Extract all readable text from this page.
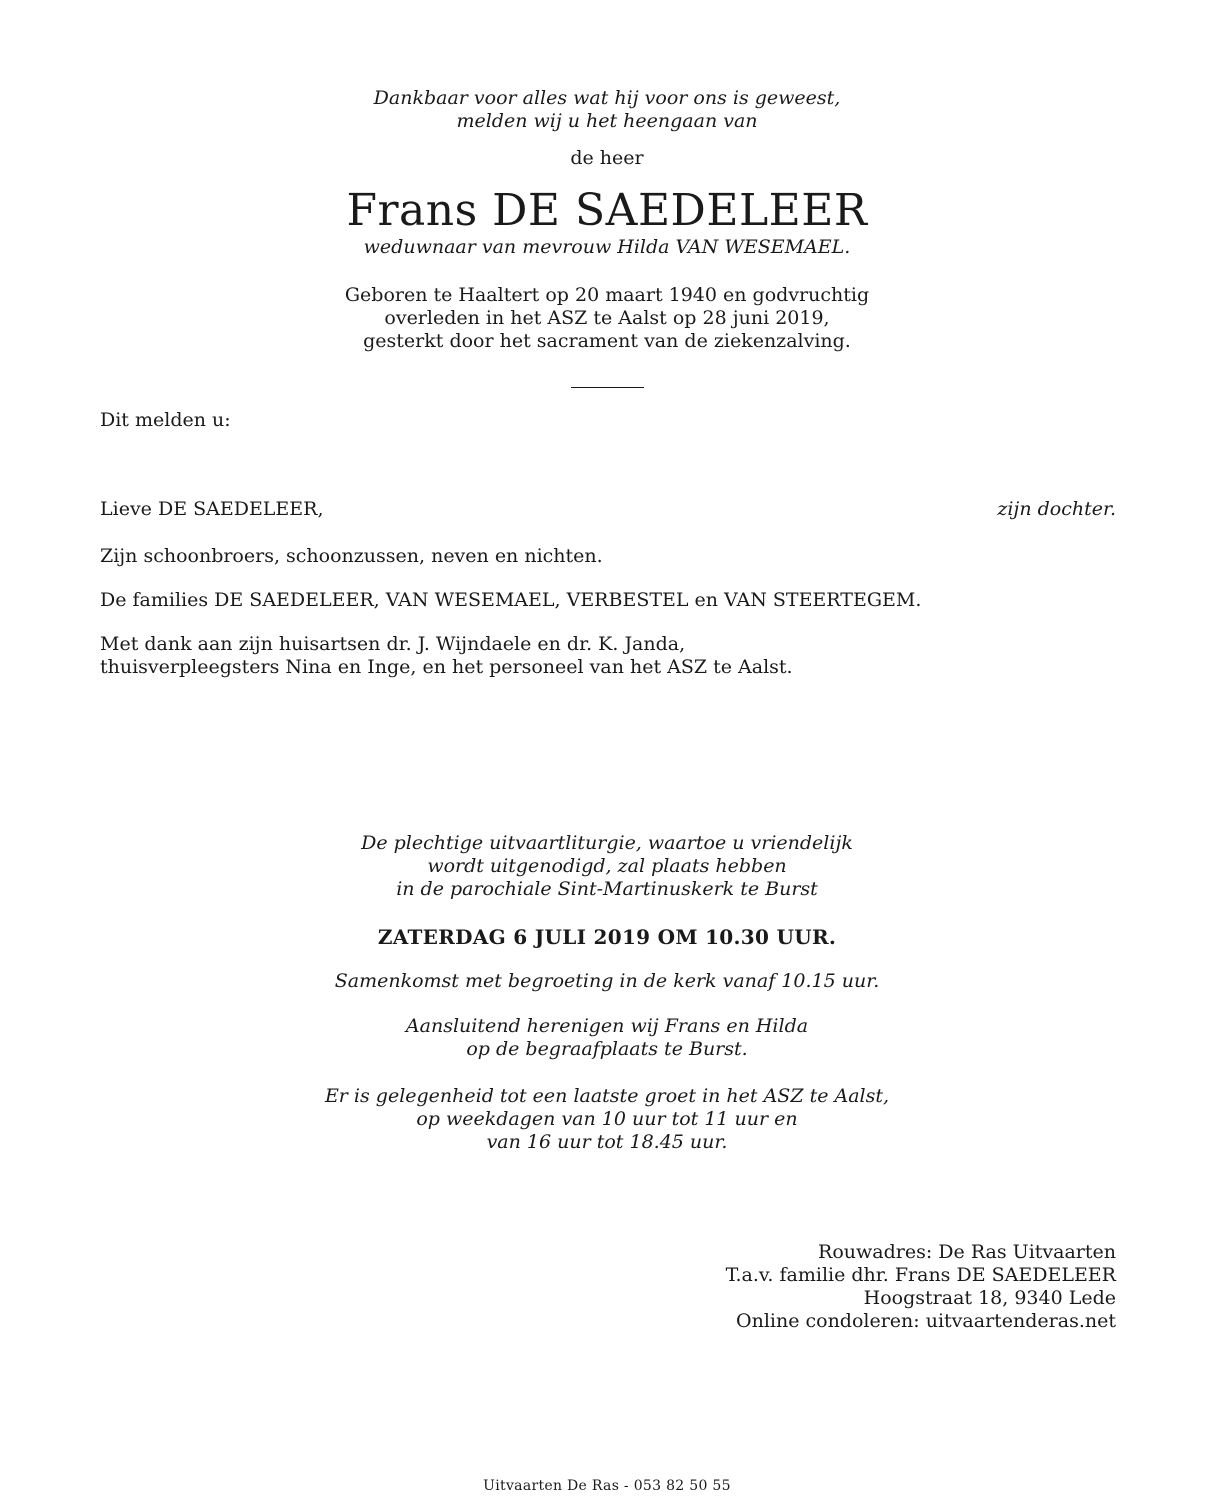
Dankbaar voor alles wat hij voor ons is geweest,
melden wij u het heengaan van
de heer
Frans DE SAEDELEER
weduwnaar van mevrouw Hilda VAN WESEMAEL.
Geboren te Haaltert op 20 maart 1940 en godvruchtig
overleden in het ASZ te Aalst op 28 juni 2019,
gesterkt door het sacrament van de ziekenzalving.
Dit melden u:
Lieve DE SAEDELEER,	zijn dochter.
Zijn schoonbroers, schoonzussen, neven en nichten.
De families DE SAEDELEER, VAN WESEMAEL, VERBESTEL en VAN STEERTEGEM.
Met dank aan zijn huisartsen dr. J. Wijndaele en dr. K. Janda,
thuisverpleegsters Nina en Inge, en het personeel van het ASZ te Aalst.
De plechtige uitvaartliturgie, waartoe u vriendelijk
wordt uitgenodigd, zal plaats hebben
in de parochiale Sint-Martinuskerk te Burst
ZATERDAG 6 JULI 2019 OM 10.30 UUR.
Samenkomst met begroeting in de kerk vanaf 10.15 uur.
Aansluitend herenigen wij Frans en Hilda
op de begraafplaats te Burst.
Er is gelegenheid tot een laatste groet in het ASZ te Aalst,
op weekdagen van 10 uur tot 11 uur en
van 16 uur tot 18.45 uur.
Rouwadres: De Ras Uitvaarten
T.a.v. familie dhr. Frans DE SAEDELEER
Hoogstraat 18, 9340 Lede
Online condoleren: uitvaartenderas.net
Uitvaarten De Ras - 053 82 50 55
